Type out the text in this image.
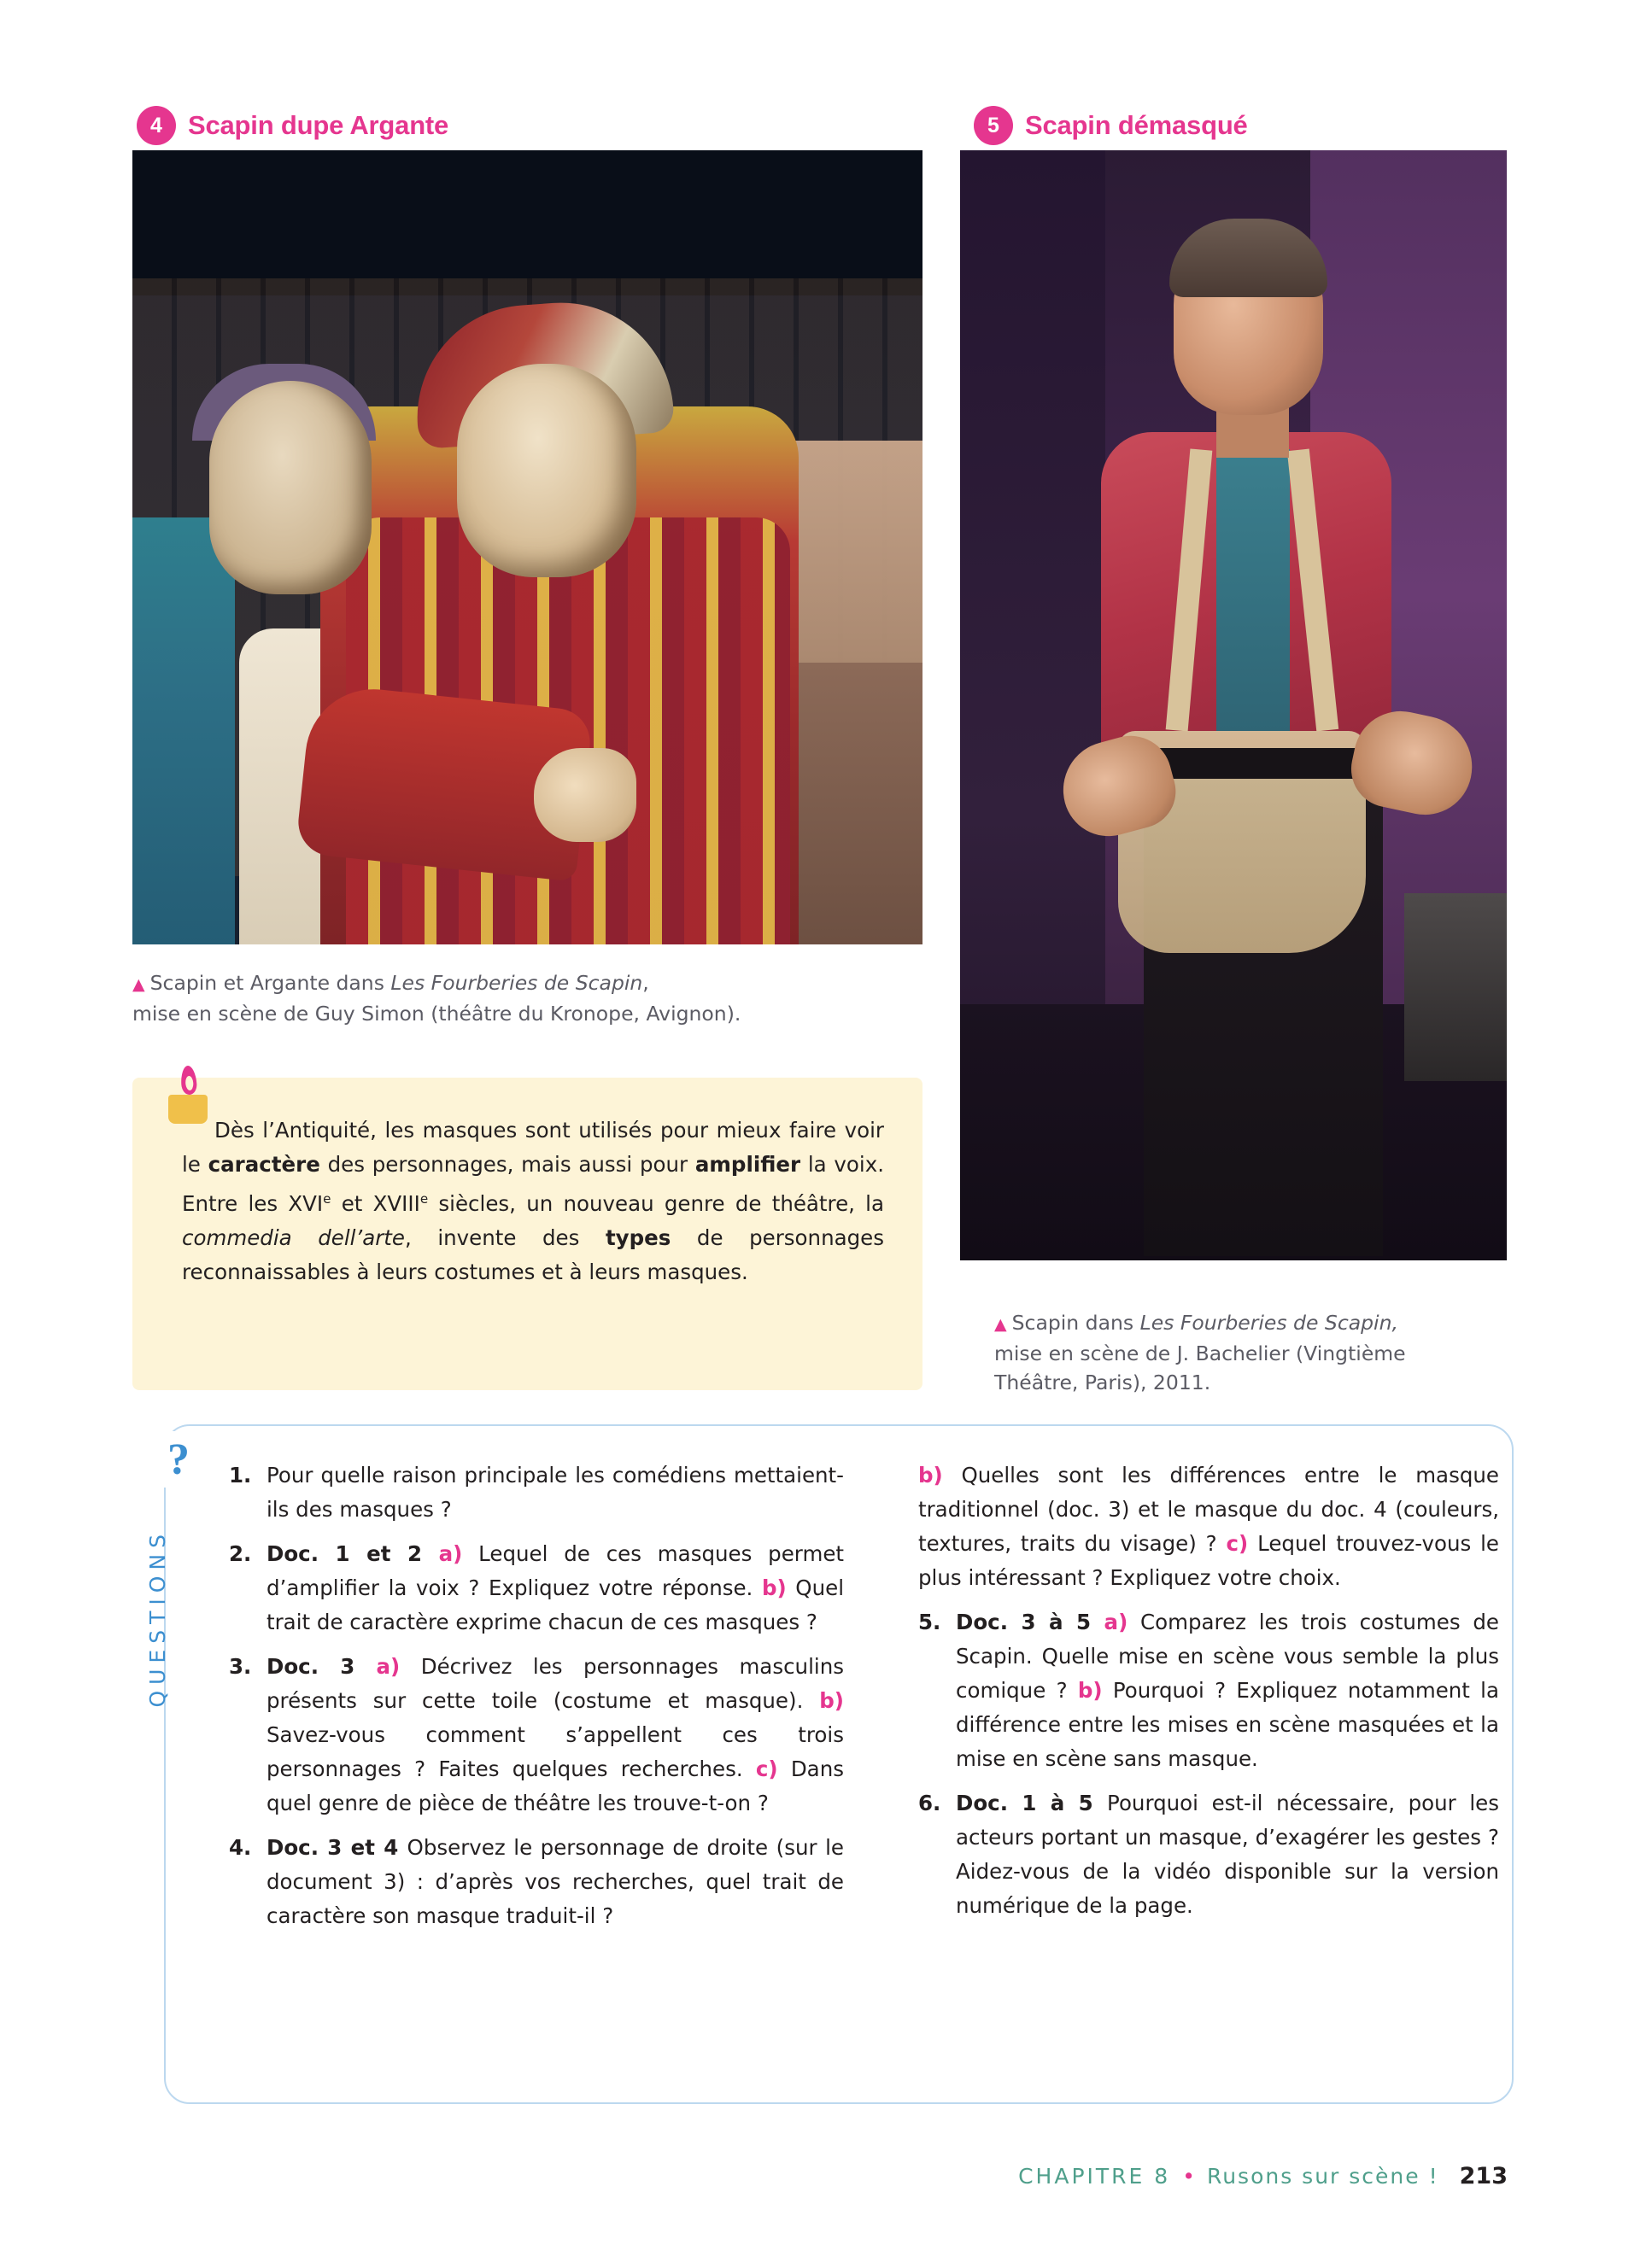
4 Scapin dupe Argante	5 Scapin démasqué
▲ Scapin et Argante dans Les Fourberies de Scapin,
mise en scène de Guy Simon (théâtre du Kronope, Avignon).
▲ Scapin dans Les Fourberies de Scapin,
mise en scène de J. Bachelier (Vingtième
Théâtre, Paris), 2011.

Dès l’Antiquité, les masques sont utilisés pour mieux faire voir le caractère des personnages, mais aussi pour amplifier la voix. Entre les XVIe et XVIIIe siècles, un nouveau genre de théâtre, la commedia dell’arte, invente des types de personnages reconnaissables à leurs costumes et à leurs masques.

?
QUESTIONS
1. Pour quelle raison principale les comédiens mettaient-ils des masques ?
2. Doc. 1 et 2 a) Lequel de ces masques permet d’amplifier la voix ? Expliquez votre réponse. b) Quel trait de caractère exprime chacun de ces masques ?
3. Doc. 3 a) Décrivez les personnages masculins présents sur cette toile (costume et masque). b) Savez-vous comment s’appellent ces trois personnages ? Faites quelques recherches. c) Dans quel genre de pièce de théâtre les trouve-t-on ?
4. Doc. 3 et 4 Observez le personnage de droite (sur le document 3) : d’après vos recherches, quel trait de caractère son masque traduit-il ?
b) Quelles sont les différences entre le masque traditionnel (doc. 3) et le masque du doc. 4 (couleurs, textures, traits du visage) ? c) Lequel trouvez-vous le plus intéressant ? Expliquez votre choix.
5. Doc. 3 à 5 a) Comparez les trois costumes de Scapin. Quelle mise en scène vous semble la plus comique ? b) Pourquoi ? Expliquez notamment la différence entre les mises en scène masquées et la mise en scène sans masque.
6. Doc. 1 à 5 Pourquoi est-il nécessaire, pour les acteurs portant un masque, d’exagérer les gestes ? Aidez-vous de la vidéo disponible sur la version numérique de la page.
CHAPITRE 8 • Rusons sur scène ! 213
